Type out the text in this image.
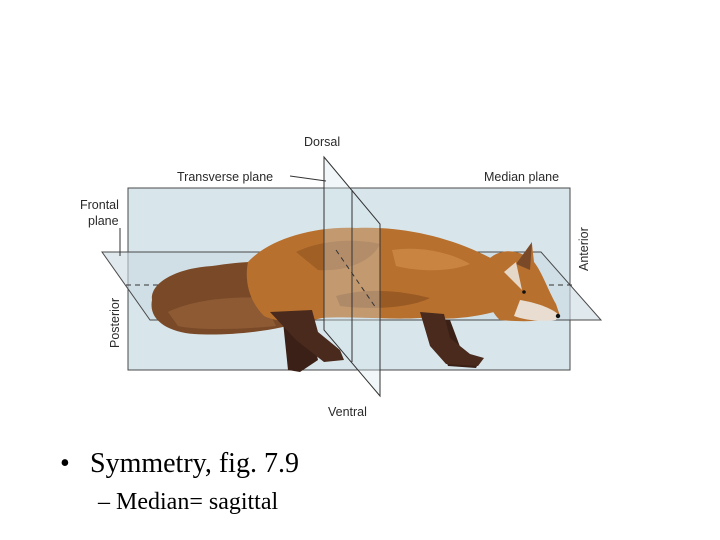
Dorsal
Transverse plane	Median plane
Frontal
plane
Anterior
Posterior
Ventral
• Symmetry, fig. 7.9
– Median= sagittal
